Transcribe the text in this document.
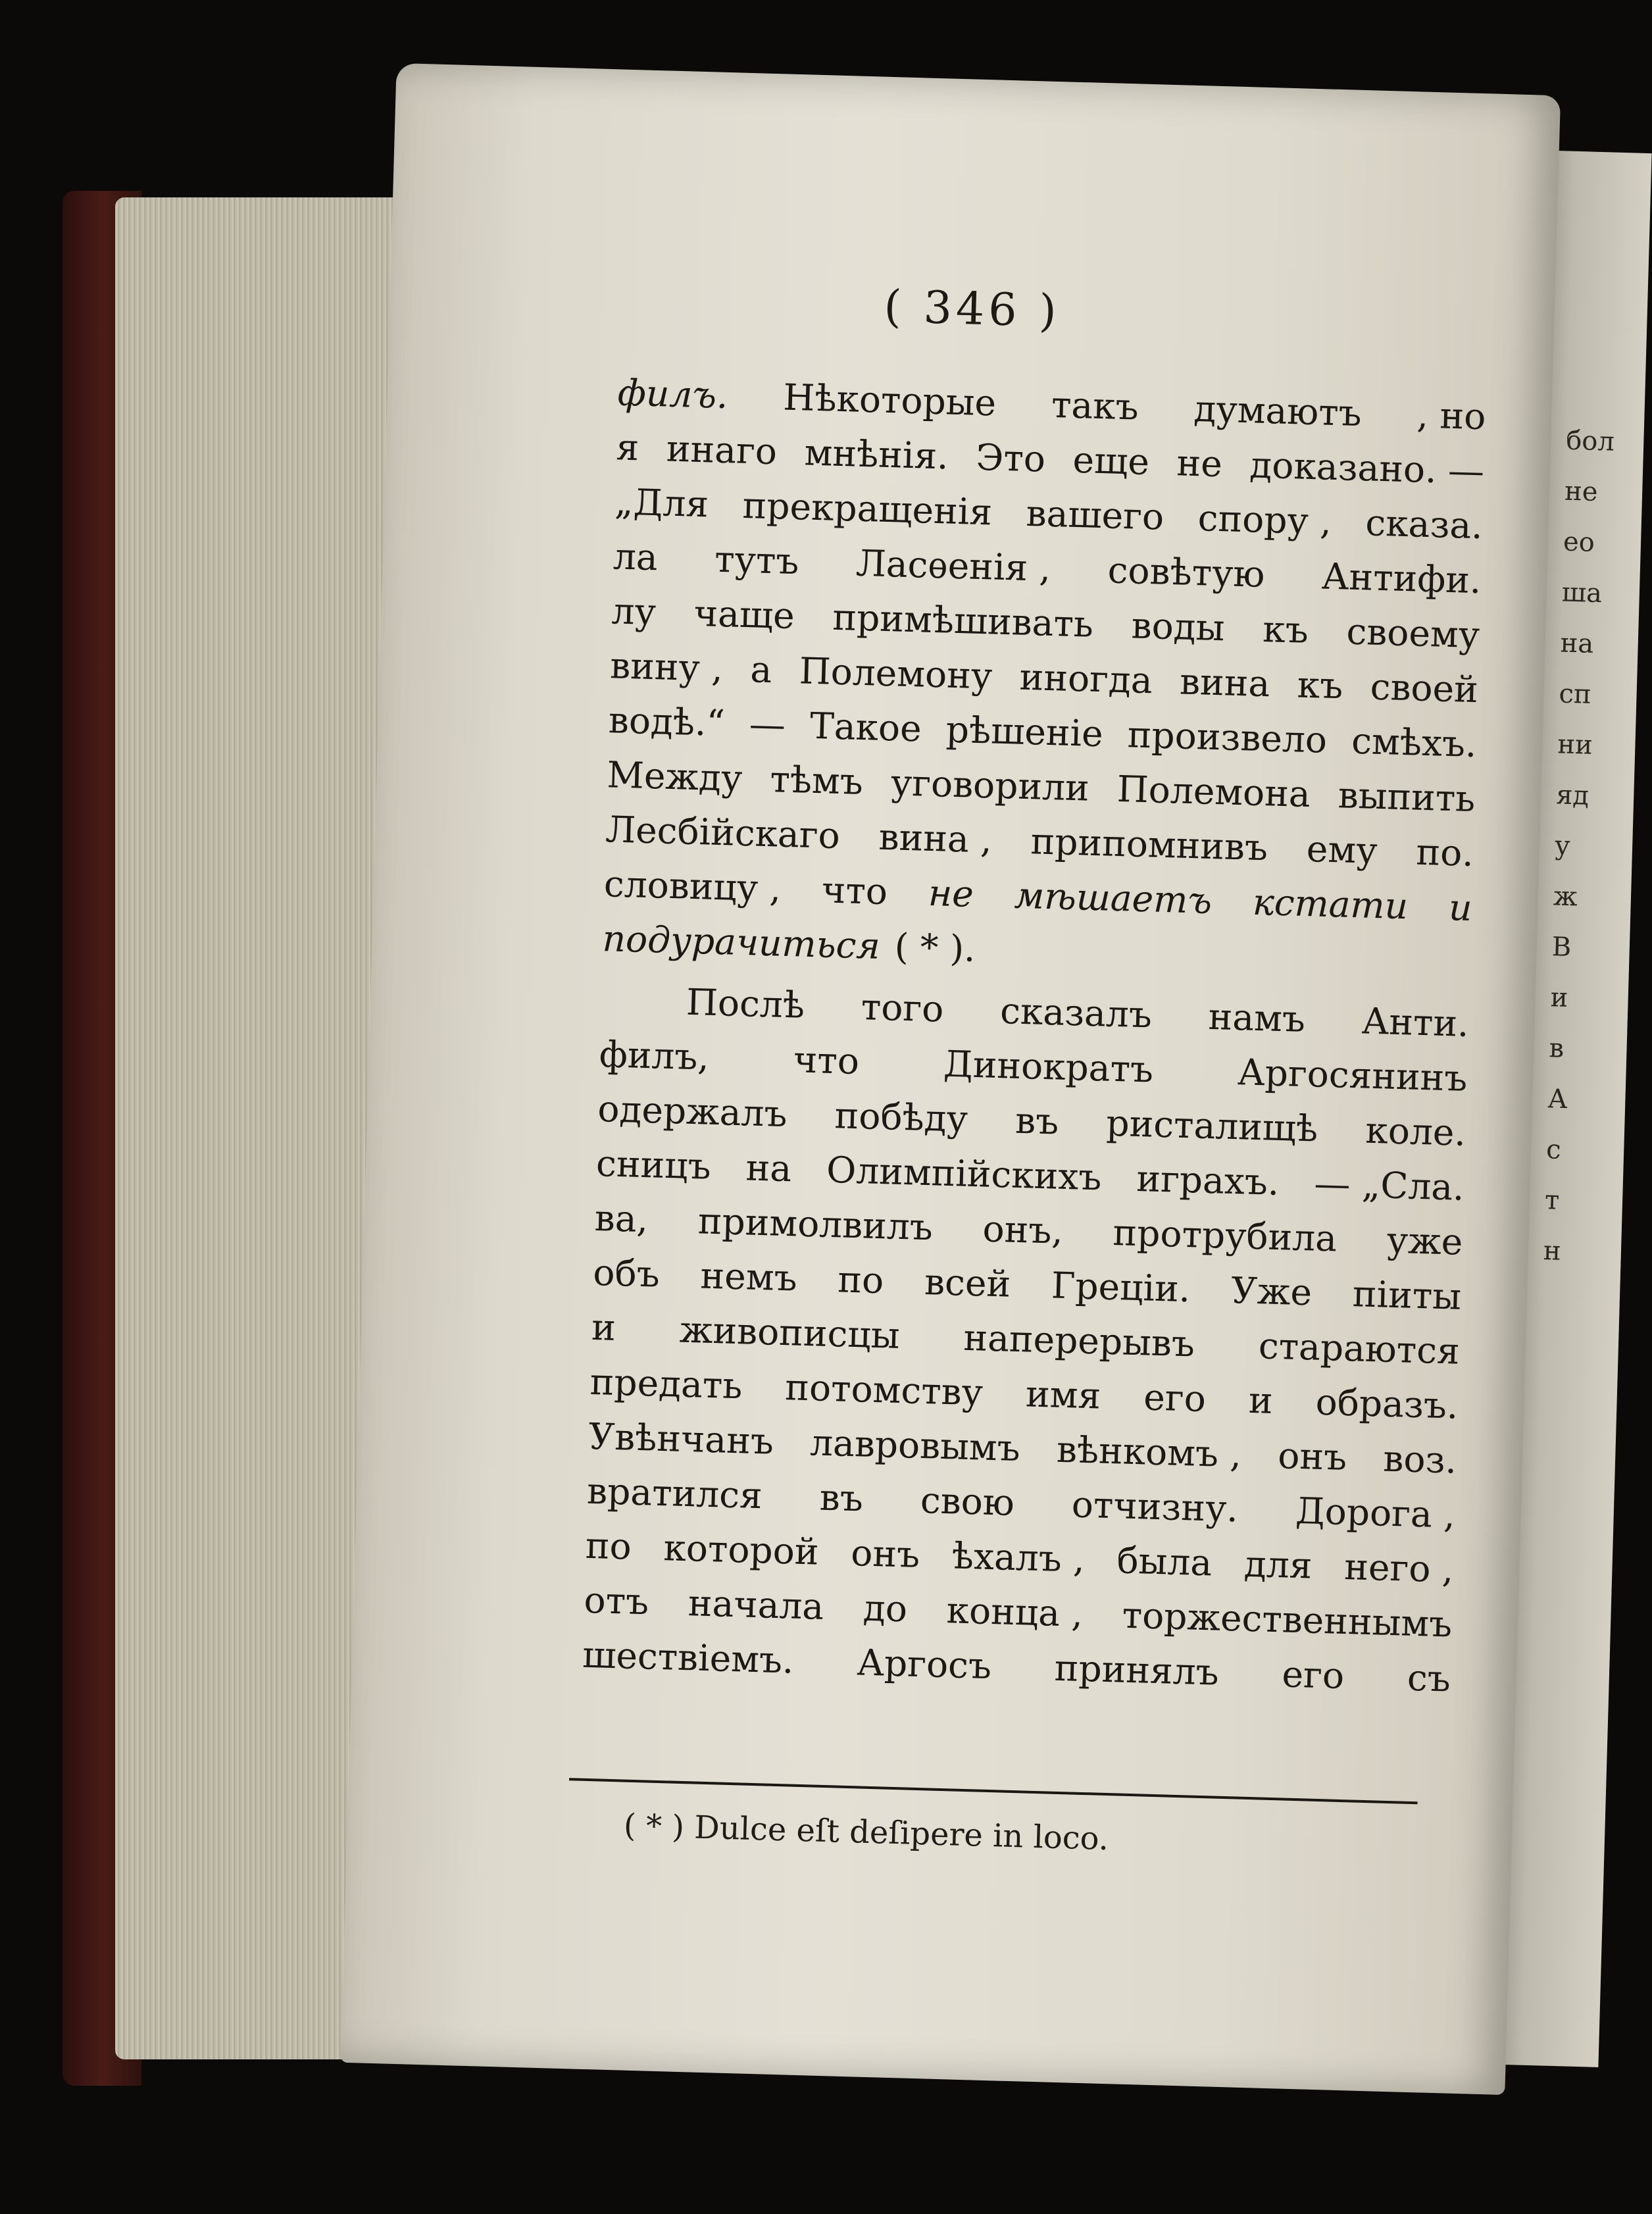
бол
не
ео
ша
на
сп
ни
яд
у
ж
В
и
в
А
с
т
н
( 346 )
филъ. Нѣкоторые такъ думаютъ , но
я инаго мнѣнія. Это еще не доказано. —
„Для прекращенія вашего спору , сказа.
ла тутъ Ласѳенія , совѣтую Антифи.
лу чаще примѣшивать воды къ своему
вину , а Полемону иногда вина къ своей
водѣ.“ — Такое рѣшеніе произвело смѣхъ.
Между тѣмъ уговорили Полемона выпить
Лесбійскаго вина , припомнивъ ему по.
словицу , что не мѣшаетъ кстати и
подурачиться ( * ).
Послѣ того сказалъ намъ Анти.
филъ, что Динократъ Аргосянинъ
одержалъ побѣду въ ристалищѣ коле.
сницъ на Олимпійскихъ играхъ. — „Сла.
ва, примолвилъ онъ, протрубила уже
объ немъ по всей Греціи. Уже піиты
и живописцы наперерывъ стараются
предать потомству имя его и образъ.
Увѣнчанъ лавровымъ вѣнкомъ , онъ воз.
вратился въ свою отчизну. Дорога ,
по которой онъ ѣхалъ , была для него ,
отъ начала до конца , торжественнымъ
шествіемъ. Аргосъ принялъ его съ
( * ) Dulce eſt deſipere in loco.
